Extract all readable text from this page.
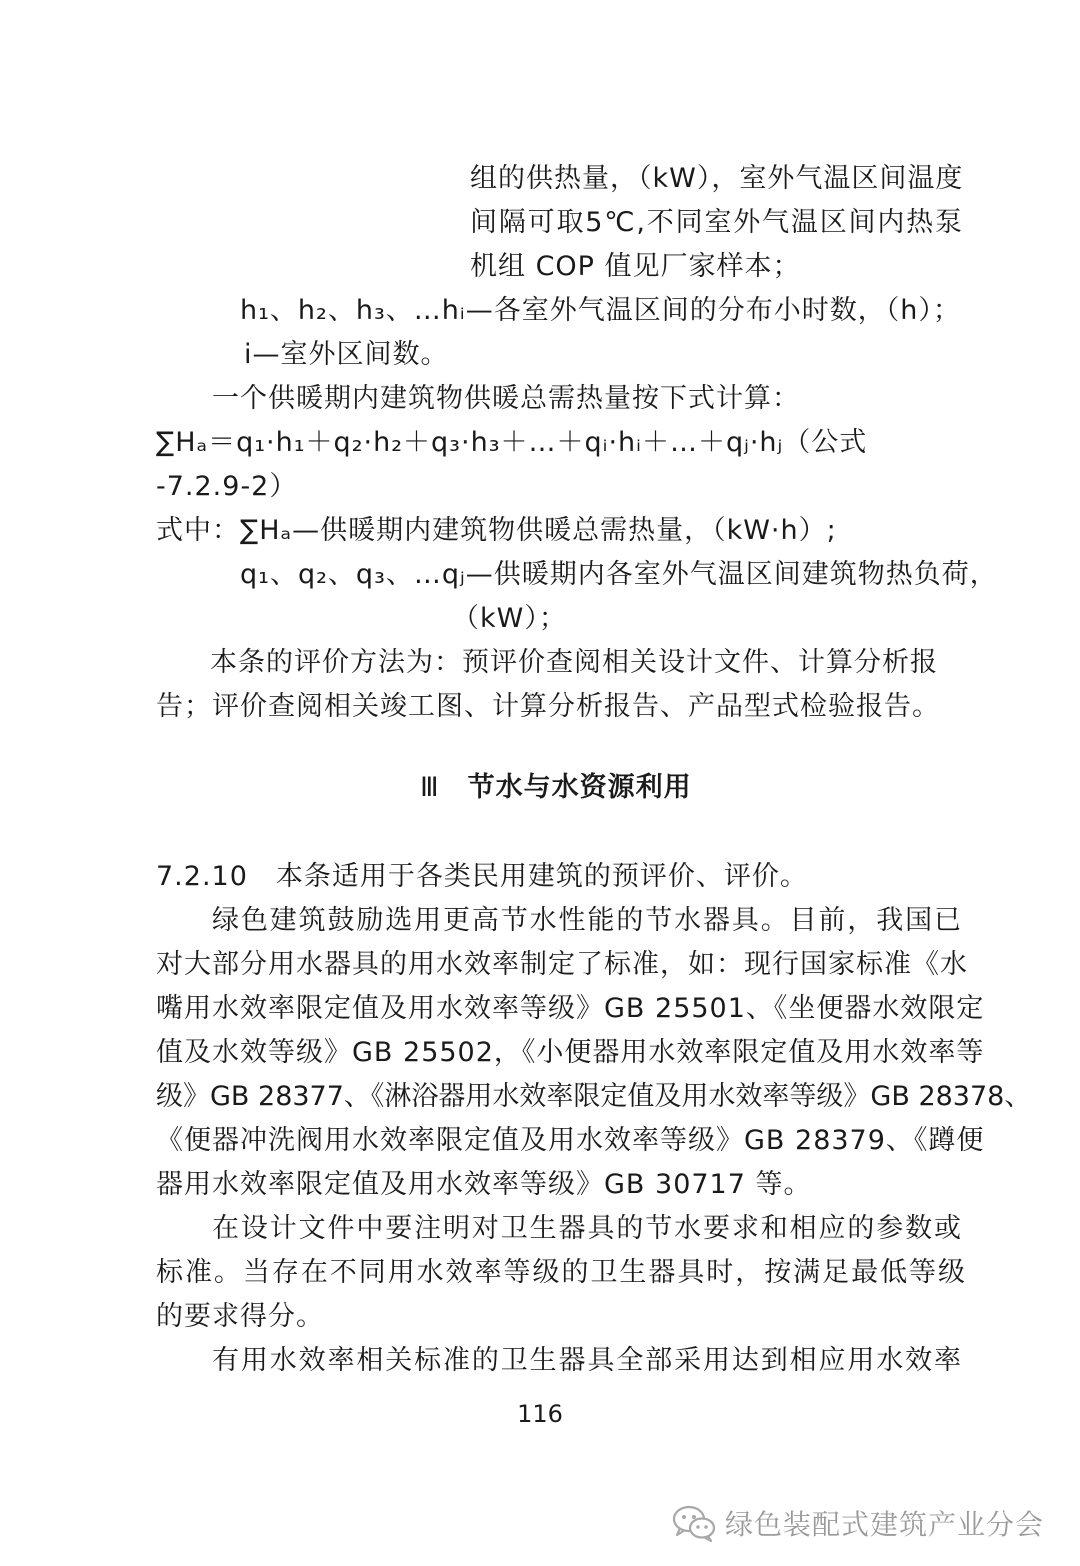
组的供热量，（kW），室外气温区间温度
间隔可取5℃,不同室外气温区间内热泵
机组 COP 值见厂家样本；
h₁、h₂、h₃、…hᵢ—各室外气温区间的分布小时数，（h）；
i—室外区间数。
一个供暖期内建筑物供暖总需热量按下式计算：
∑Hₐ＝q₁·h₁＋q₂·h₂＋q₃·h₃＋…＋qᵢ·hᵢ＋…＋qⱼ·hⱼ（公式
-7.2.9-2）
式中：∑Hₐ—供暖期内建筑物供暖总需热量，（kW·h）;
q₁、q₂、q₃、…qⱼ—供暖期内各室外气温区间建筑物热负荷，
（kW）；
本条的评价方法为：预评价查阅相关设计文件、计算分析报
告；评价查阅相关竣工图、计算分析报告、产品型式检验报告。
Ⅲ 节水与水资源利用
7.2.10　本条适用于各类民用建筑的预评价、评价。
绿色建筑鼓励选用更高节水性能的节水器具。目前，我国已
对大部分用水器具的用水效率制定了标准，如：现行国家标准《水
嘴用水效率限定值及用水效率等级》GB 25501、《坐便器水效限定
值及水效等级》GB 25502，《小便器用水效率限定值及用水效率等
级》GB 28377、《淋浴器用水效率限定值及用水效率等级》GB 28378、
《便器冲洗阀用水效率限定值及用水效率等级》GB 28379、《蹲便
器用水效率限定值及用水效率等级》GB 30717 等。
在设计文件中要注明对卫生器具的节水要求和相应的参数或
标准。当存在不同用水效率等级的卫生器具时，按满足最低等级
的要求得分。
有用水效率相关标准的卫生器具全部采用达到相应用水效率
116
绿色装配式建筑产业分会
